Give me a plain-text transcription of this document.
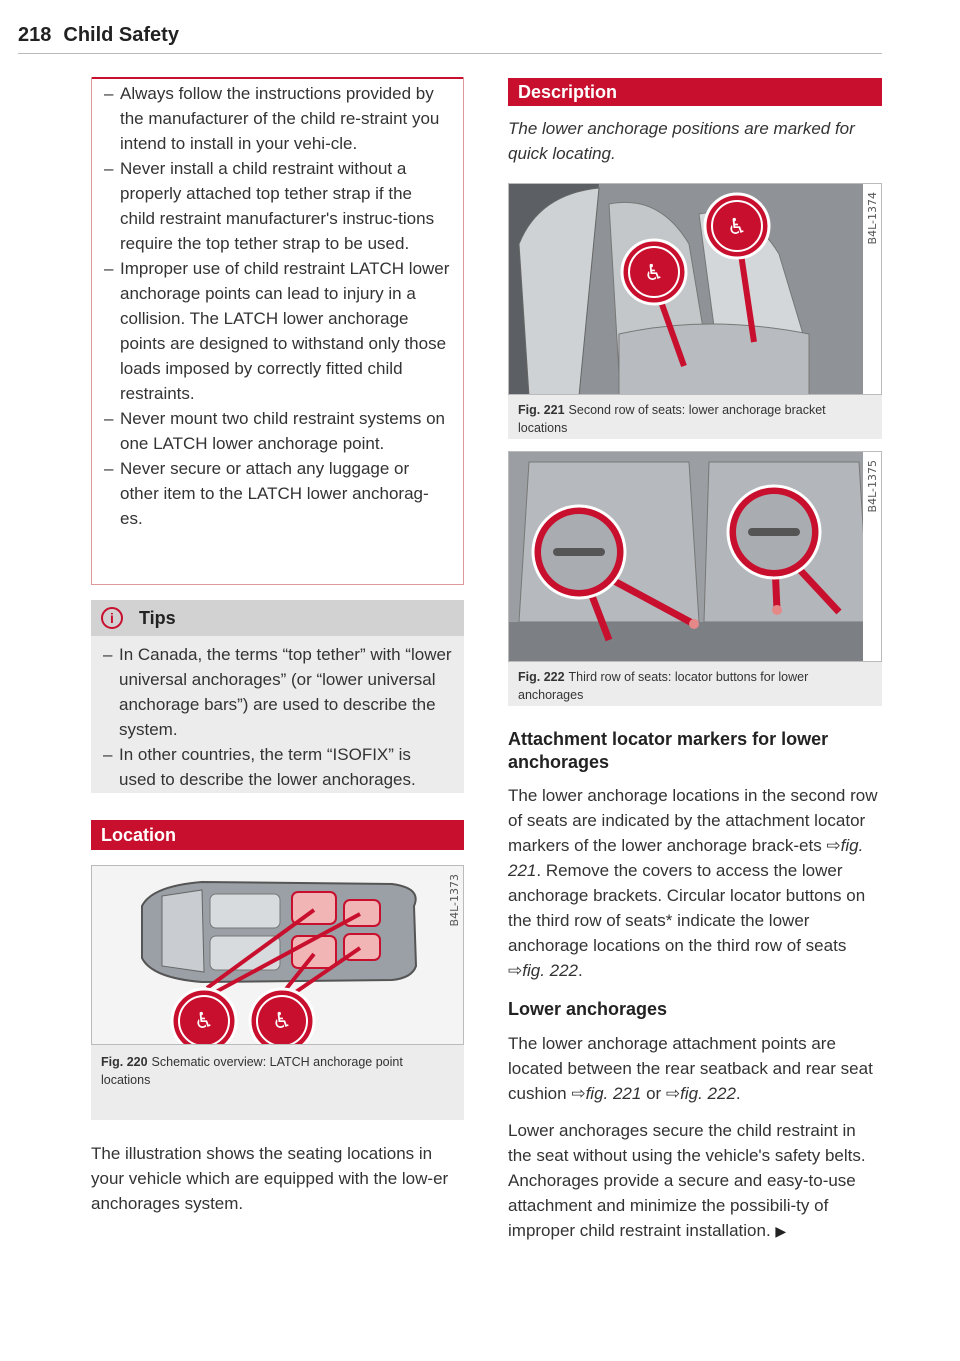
218 Child Safety
– Always follow the instructions provided by the manufacturer of the child re-straint you intend to install in your vehi-cle.
– Never install a child restraint without a properly attached top tether strap if the child restraint manufacturer's instruc-tions require the top tether strap to be used.
– Improper use of child restraint LATCH lower anchorage points can lead to injury in a collision. The LATCH lower anchorage points are designed to withstand only those loads imposed by correctly fitted child restraints.
– Never mount two child restraint systems on one LATCH lower anchorage point.
– Never secure or attach any luggage or other item to the LATCH lower anchorag-es.
i	Tips
– In Canada, the terms “top tether” with “lower universal anchorages” (or “lower universal anchorage bars”) are used to describe the system.
– In other countries, the term “ISOFIX” is used to describe the lower anchorages.
Location
♿	♿
B4L-1373
Fig. 220 Schematic overview: LATCH anchorage point locations

The illustration shows the seating locations in your vehicle which are equipped with the low-er anchorages system.

Description

The lower anchorage positions are marked for quick locating.

♿
♿	B4L-1374
Fig. 221 Second row of seats: lower anchorage bracket locations
B4L-1375
Fig. 222 Third row of seats: locator buttons for lower anchorages

Attachment locator markers for lower anchorages

The lower anchorage locations in the second row of seats are indicated by the attachment locator markers of the lower anchorage brack-ets ⇨fig. 221. Remove the covers to access the lower anchorage brackets. Circular locator buttons on the third row of seats* indicate the lower anchorage locations on the third row of seats ⇨fig. 222.

Lower anchorages

The lower anchorage attachment points are located between the rear seatback and rear seat cushion ⇨fig. 221 or ⇨fig. 222.

Lower anchorages secure the child restraint in the seat without using the vehicle's safety belts. Anchorages provide a secure and easy-to-use attachment and minimize the possibili-ty of improper child restraint installation. ▶
